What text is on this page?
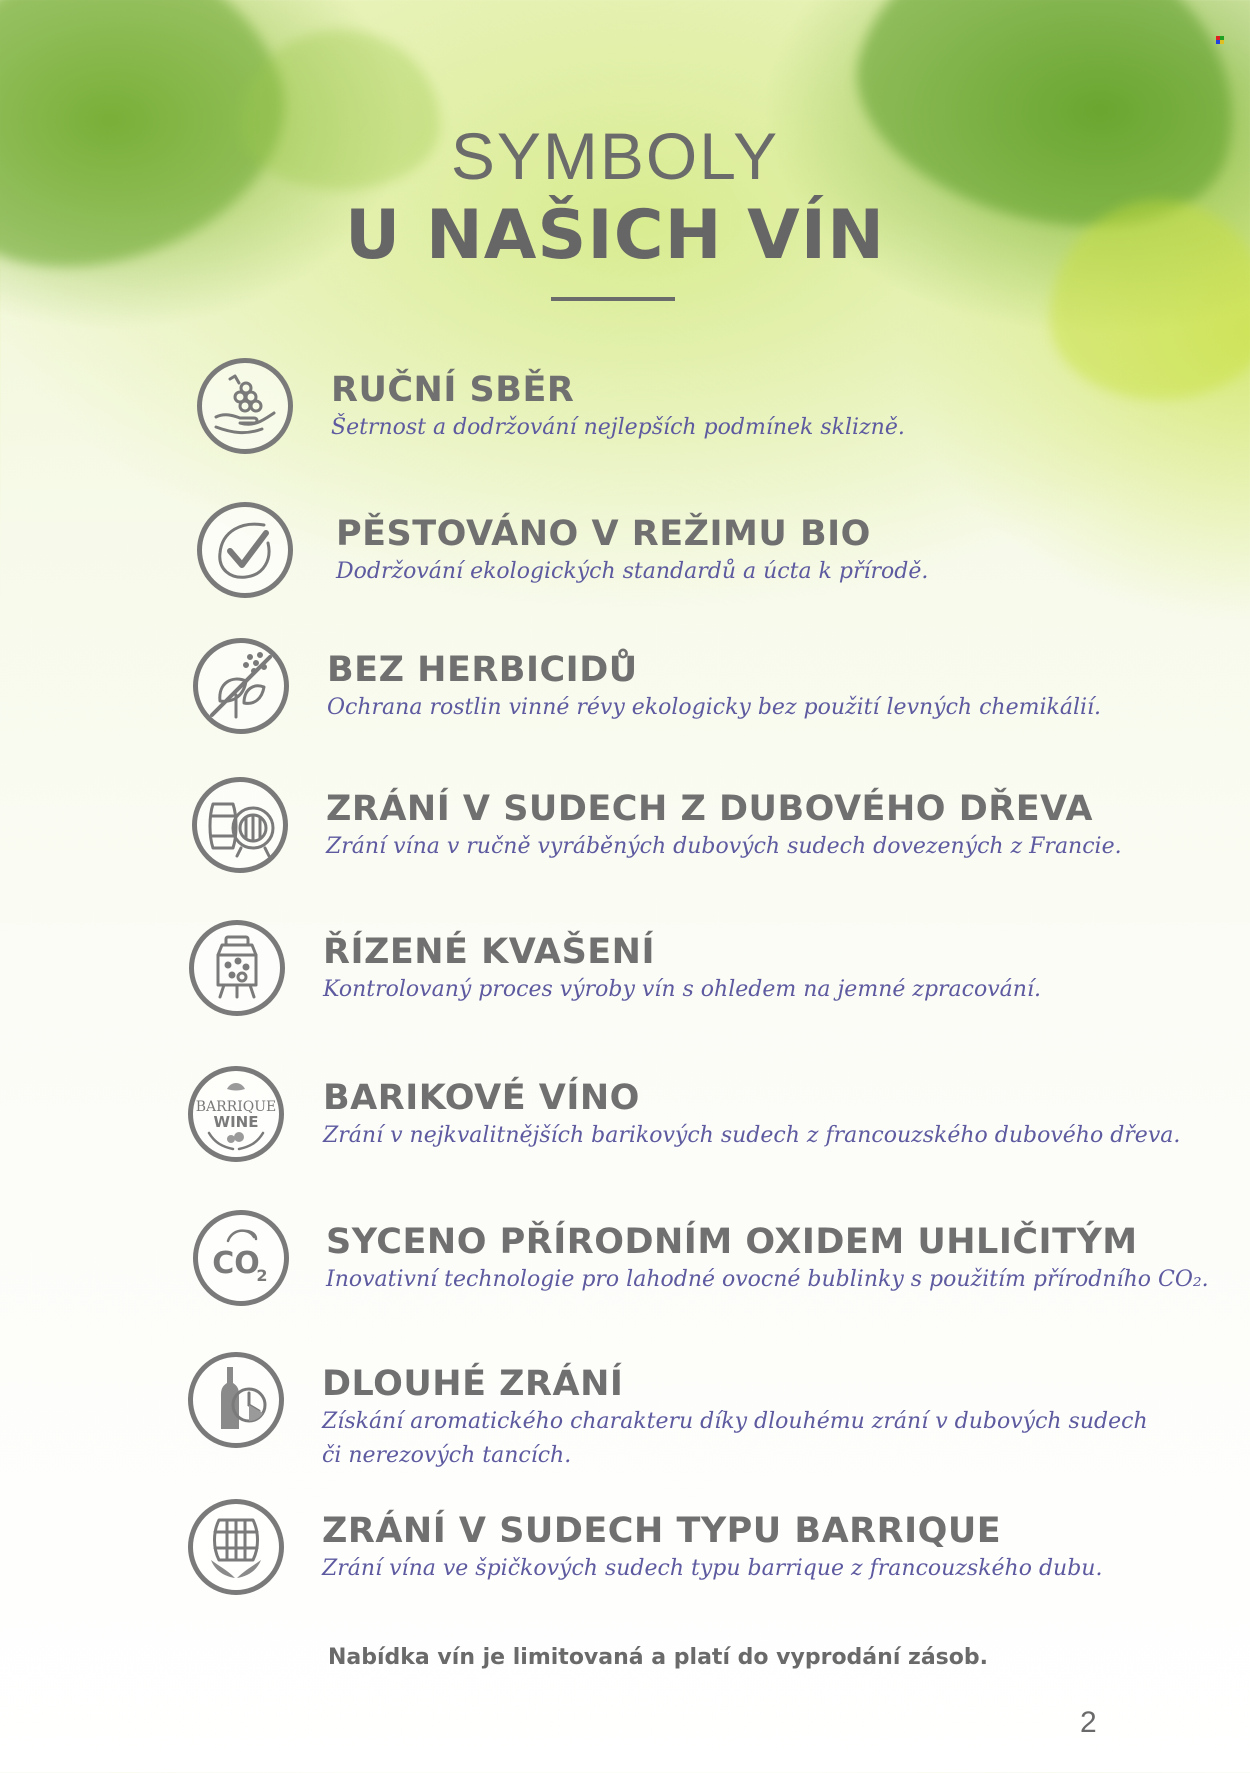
SYMBOLY
U NAŠICH VÍN
RUČNÍ SBĚR
Šetrnost a dodržování nejlepších podmínek sklizně.
PĚSTOVÁNO V REŽIMU BIO
Dodržování ekologických standardů a úcta k přírodě.
BEZ HERBICIDŮ
Ochrana rostlin vinné révy ekologicky bez použití levných chemikálií.
ZRÁNÍ V SUDECH Z DUBOVÉHO DŘEVA
Zrání vína v ručně vyráběných dubových sudech dovezených z Francie.
ŘÍZENÉ KVAŠENÍ
Kontrolovaný proces výroby vín s ohledem na jemné zpracování.
BARRIQUE
WINE
BARIKOVÉ VÍNO
Zrání v nejkvalitnějších barikových sudech z francouzského dubového dřeva.
CO
2
SYCENO PŘÍRODNÍM OXIDEM UHLIČITÝM
Inovativní technologie pro lahodné ovocné bublinky s použitím přírodního CO₂.
DLOUHÉ ZRÁNÍ
Získání aromatického charakteru díky dlouhému zrání v dubových sudech
či nerezových tancích.
ZRÁNÍ V SUDECH TYPU BARRIQUE
Zrání vína ve špičkových sudech typu barrique z francouzského dubu.
Nabídka vín je limitovaná a platí do vyprodání zásob.
2
